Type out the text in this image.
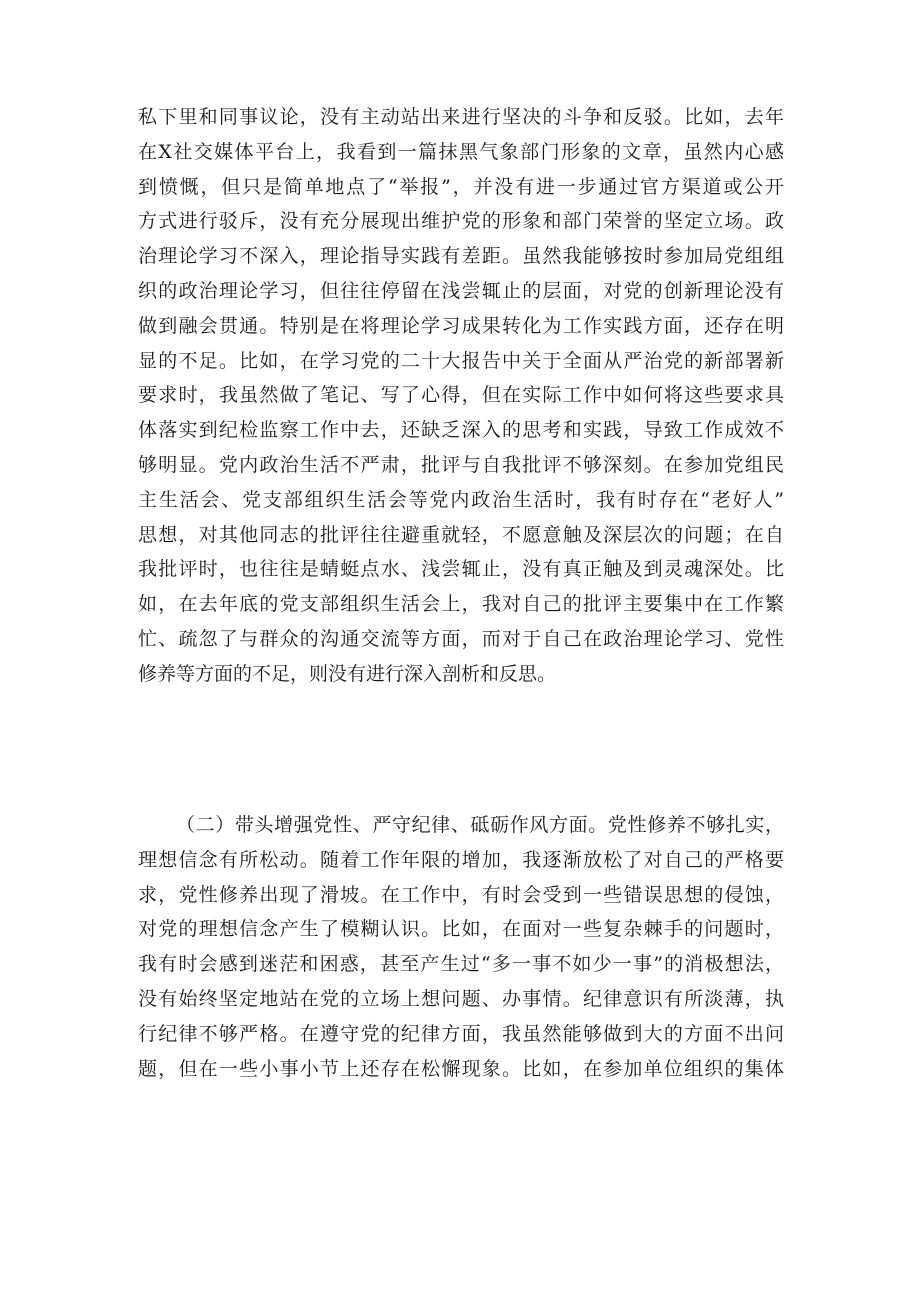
私下里和同事议论，没有主动站出来进行坚决的斗争和反驳。比如，去年
在X社交媒体平台上，我看到一篇抹黑气象部门形象的文章，虽然内心感
到愤慨，但只是简单地点了“举报”，并没有进一步通过官方渠道或公开
方式进行驳斥，没有充分展现出维护党的形象和部门荣誉的坚定立场。政
治理论学习不深入，理论指导实践有差距。虽然我能够按时参加局党组组
织的政治理论学习，但往往停留在浅尝辄止的层面，对党的创新理论没有
做到融会贯通。特别是在将理论学习成果转化为工作实践方面，还存在明
显的不足。比如，在学习党的二十大报告中关于全面从严治党的新部署新
要求时，我虽然做了笔记、写了心得，但在实际工作中如何将这些要求具
体落实到纪检监察工作中去，还缺乏深入的思考和实践，导致工作成效不
够明显。党内政治生活不严肃，批评与自我批评不够深刻。在参加党组民
主生活会、党支部组织生活会等党内政治生活时，我有时存在“老好人”
思想，对其他同志的批评往往避重就轻，不愿意触及深层次的问题；在自
我批评时，也往往是蜻蜓点水、浅尝辄止，没有真正触及到灵魂深处。比
如，在去年底的党支部组织生活会上，我对自己的批评主要集中在工作繁
忙、疏忽了与群众的沟通交流等方面，而对于自己在政治理论学习、党性
修养等方面的不足，则没有进行深入剖析和反思。
（二）带头增强党性、严守纪律、砥砺作风方面。党性修养不够扎实，
理想信念有所松动。随着工作年限的增加，我逐渐放松了对自己的严格要
求，党性修养出现了滑坡。在工作中，有时会受到一些错误思想的侵蚀，
对党的理想信念产生了模糊认识。比如，在面对一些复杂棘手的问题时，
我有时会感到迷茫和困惑，甚至产生过“多一事不如少一事”的消极想法，
没有始终坚定地站在党的立场上想问题、办事情。纪律意识有所淡薄，执
行纪律不够严格。在遵守党的纪律方面，我虽然能够做到大的方面不出问
题，但在一些小事小节上还存在松懈现象。比如，在参加单位组织的集体
